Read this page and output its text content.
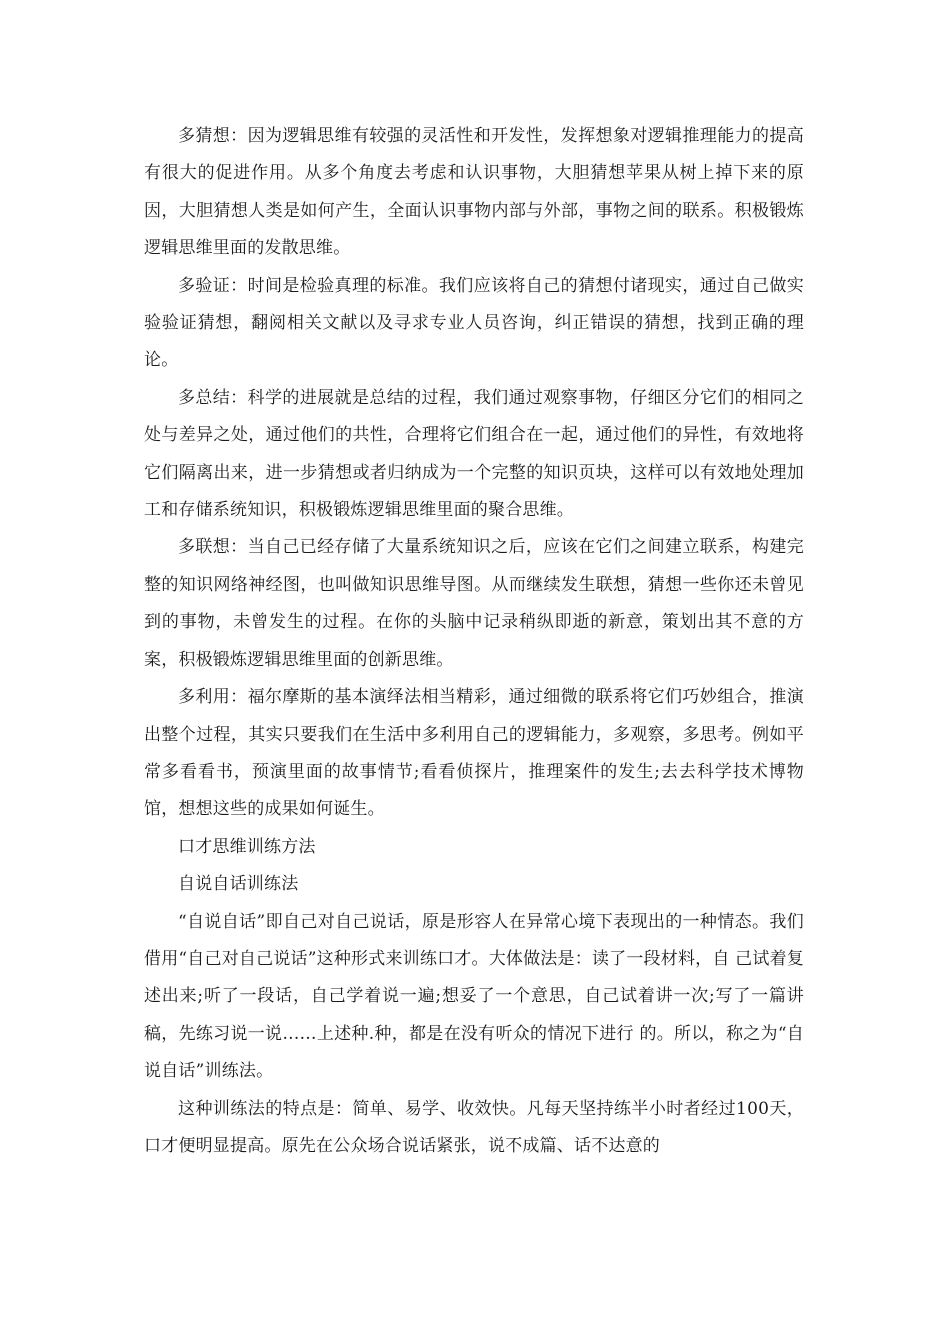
多猜想：因为逻辑思维有较强的灵活性和开发性，发挥想象对逻辑推理能力的提高有很大的促进作用。从多个角度去考虑和认识事物，大胆猜想苹果从树上掉下来的原因，大胆猜想人类是如何产生，全面认识事物内部与外部，事物之间的联系。积极锻炼逻辑思维里面的发散思维。

多验证：时间是检验真理的标准。我们应该将自己的猜想付诸现实，通过自己做实验验证猜想，翻阅相关文献以及寻求专业人员咨询，纠正错误的猜想，找到正确的理论。

多总结：科学的进展就是总结的过程，我们通过观察事物，仔细区分它们的相同之处与差异之处，通过他们的共性，合理将它们组合在一起，通过他们的异性，有效地将它们隔离出来，进一步猜想或者归纳成为一个完整的知识页块，这样可以有效地处理加工和存储系统知识，积极锻炼逻辑思维里面的聚合思维。

多联想：当自己已经存储了大量系统知识之后，应该在它们之间建立联系，构建完整的知识网络神经图，也叫做知识思维导图。从而继续发生联想，猜想一些你还未曾见到的事物，未曾发生的过程。在你的头脑中记录稍纵即逝的新意，策划出其不意的方案，积极锻炼逻辑思维里面的创新思维。

多利用：福尔摩斯的基本演绎法相当精彩，通过细微的联系将它们巧妙组合，推演出整个过程，其实只要我们在生活中多利用自己的逻辑能力，多观察，多思考。例如平常多看看书，预演里面的故事情节;看看侦探片，推理案件的发生;去去科学技术博物馆，想想这些的成果如何诞生。

口才思维训练方法

自说自话训练法

“自说自话”即自己对自己说话，原是形容人在异常心境下表现出的一种情态。我们借用“自己对自己说话”这种形式来训练口才。大体做法是：读了一段材料，自 己试着复述出来;听了一段话，自己学着说一遍;想妥了一个意思，自己试着讲一次;写了一篇讲稿，先练习说一说……上述种.种，都是在没有听众的情况下进行 的。所以，称之为“自说自话”训练法。

这种训练法的特点是：简单、易学、收效快。凡每天坚持练半小时者经过100天，口才便明显提高。原先在公众场合说话紧张，说不成篇、话不达意的
